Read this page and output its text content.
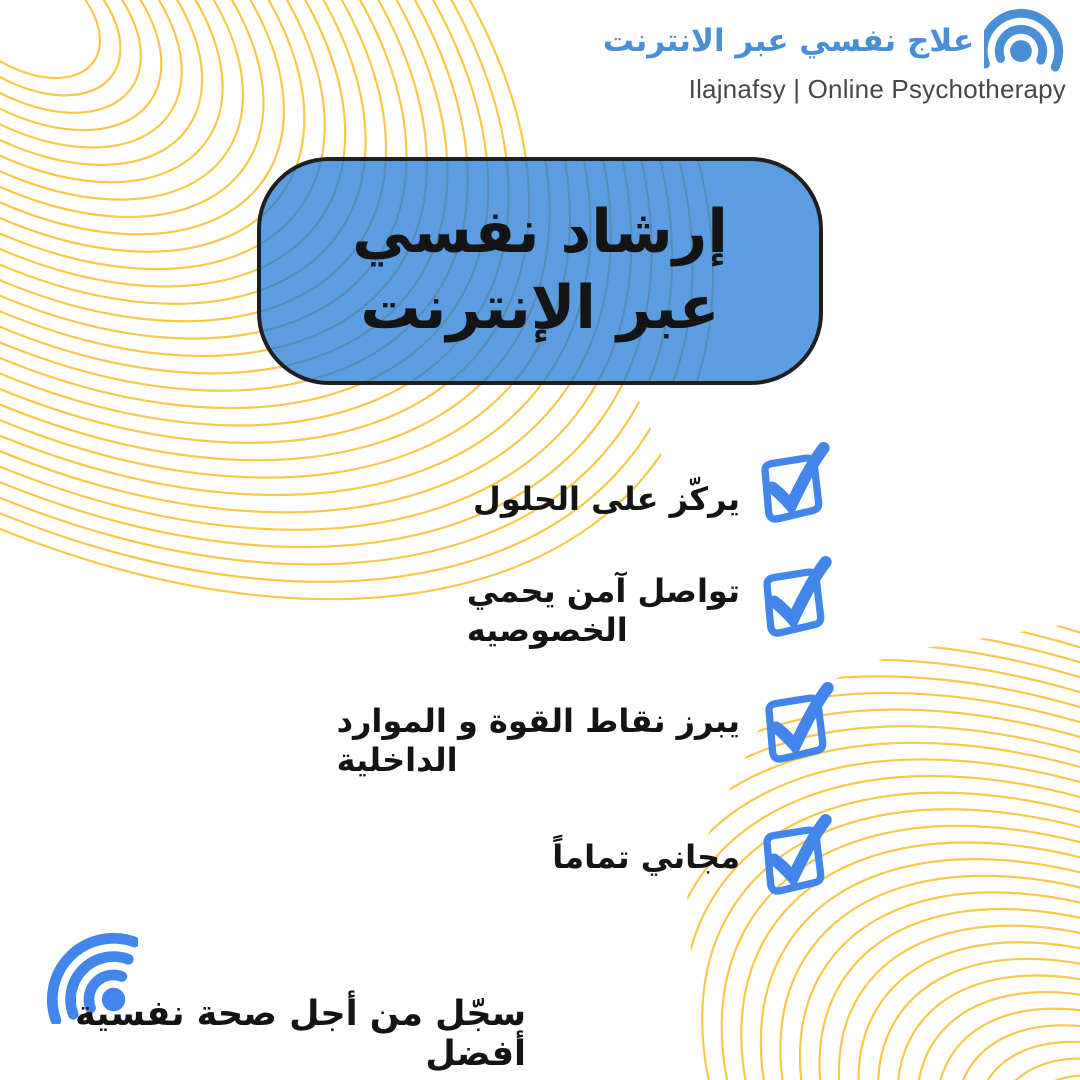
علاج نفسي عبر الانترنت
Ilajnafsy | Online Psychotherapy
إرشاد نفسي
عبر الإنترنت
يركّز على الحلول
تواصل آمن يحمي
الخصوصيه
يبرز نقاط القوة و الموارد
الداخلية
مجاني تماماً
سجّل من أجل صحة نفسية أفضل
